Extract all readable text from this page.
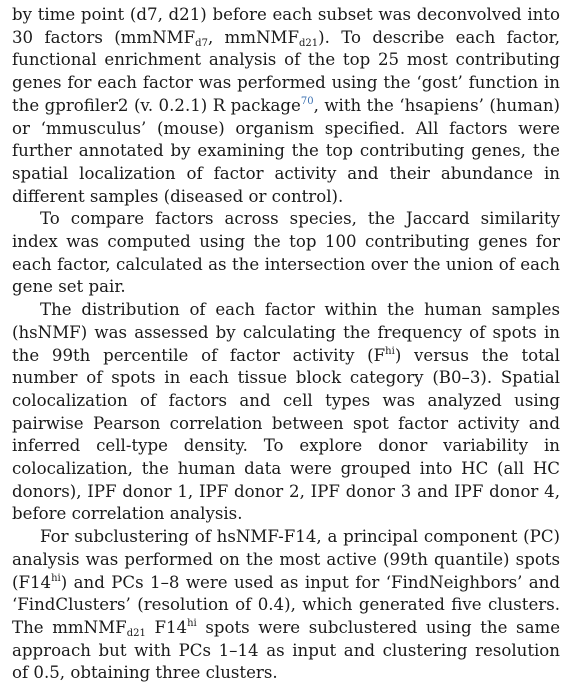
by time point (d7, d21) before each subset was deconvolved into 30 factors (mmNMF$_{d7}$, mmNMF$_{d21}$). To describe each factor, functional enrichment analysis of the top 25 most contributing genes for each factor was performed using the ‘gost’ function in the gprofiler2 (v. 0.2.1) R package$^{70}$, with the ‘hsapiens’ (human) or ‘mmusculus’ (mouse) organism specified. All factors were further annotated by examining the top contributing genes, the spatial localization of factor activity and their abundance in different samples (diseased or control).

To compare factors across species, the Jaccard similarity index was computed using the top 100 contributing genes for each factor, calculated as the intersection over the union of each gene set pair.

The distribution of each factor within the human samples (hsNMF) was assessed by calculating the frequency of spots in the 99th percentile of factor activity $(F^{hi})$ versus the total number of spots in each tissue block category (B0–3). Spatial colocalization of factors and cell types was analyzed using pairwise Pearson correlation between spot factor activity and inferred cell-type density. To explore donor variability in colocalization, the human data were grouped into HC (all HC donors), IPF donor 1, IPF donor 2, IPF donor 3 and IPF donor 4, before correlation analysis.

For subclustering of hsNMF-F14, a principal component (PC) analysis was performed on the most active (99th quantile) spots $(F14^{hi})$ and PCs 1–8 were used as input for ‘FindNeighbors’ and ‘FindClusters’ (resolution of 0.4), which generated five clusters. The mmNMF$_{d21}$ $F14^{hi}$ spots were subclustered using the same approach but with PCs 1–14 as input and clustering resolution of 0.5, obtaining three clusters.
